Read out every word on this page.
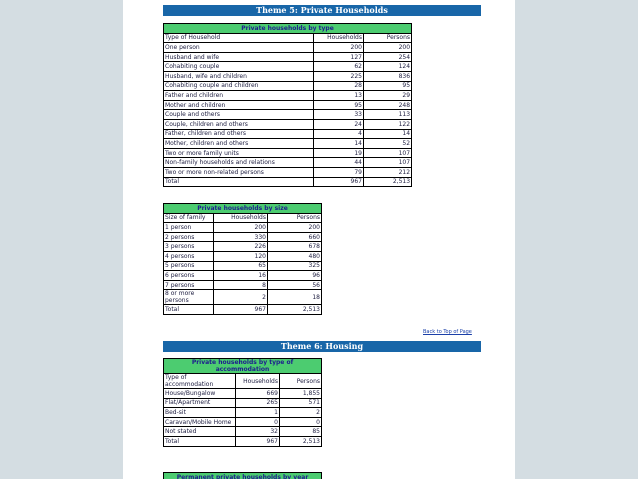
Theme 5: Private Households
Private households by type		
Type of Household	Households	Persons
One person	200	200
Husband and wife	127	254
Cohabiting couple	62	124
Husband, wife and children	225	836
Cohabiting couple and children	28	95
Father and children	13	29
Mother and children	95	248
Couple and others	33	113
Couple, children and others	24	122
Father, children and others	4	14
Mother, children and others	14	52
Two or more family units	19	107
Non-family households and relations	44	107
Two or more non-related persons	79	212
Total	967	2,513
Private households by size		
Size of family	Households	Persons
1 person	200	200
2 persons	330	660
3 persons	226	678
4 persons	120	480
5 persons	65	325
6 persons	16	96
7 persons	8	56
8 or more persons	2	18
Total	967	2,513
Back to Top of Page
Theme 6: Housing
Private households by type of accommodation		
Type of accommodation	Households	Persons
House/Bungalow	669	1,855
Flat/Apartment	265	571
Bed-sit	1	2
Caravan/Mobile Home	0	0
Not stated	32	85
Total	967	2,513
Permanent private households by year
